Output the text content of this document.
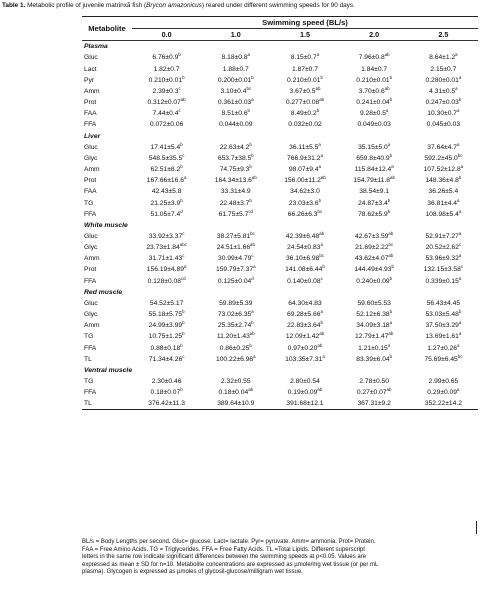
Table 1. Metabolic profile of juvenile matrinxã fish (Brycon amazonicus) reared under different swimming speeds for 90 days.
Metabolite	Swimming speed (BL/s)				
	0.0	1.0	1.5	2.0	2.5
Plasma					
Gluc	6.76±0.9$^b$	8.18±0.8$^a$	8.15±0.7$^a$	7.96±0.8$^{ab}$	8.64±1.2$^a$
Lact	1.82±0.7	1.88±0.7	1.87±0.7	1.84±0.7	2.15±0.7
Pyr	0.210±0.01$^b$	0.200±0.01$^b$	0.210±0.01$^b$	0.210±0.01$^b$	0.280±0.01$^a$
Amm	2.39±0.3$^c$	3.10±0.4$^{bc}$	3.67±0.5$^{ab}$	3.70±0.6$^{ab}$	4.31±0.5$^a$
Prot	0.312±0.07$^{ab}$	0.361±0.03$^a$	0.277±0.08$^{ab}$	0.241±0.04$^b$	0.247±0.03$^b$
FAA	7.44±0.4$^c$	8.51±0.6$^b$	8.49±0.2$^b$	9.28±0.5$^a$	10.30±0.7$^a$
FFA	0.072±0.06	0.044±0.09	0.032±0.02	0.049±0.03	0.045±0.03
Liver					
Gluc	17.41±5.4$^b$	22.63±4.2$^b$	36.11±5.5$^a$	35.15±5.0$^a$	37.64±4.7$^a$
Glyc	548.5±35.5$^c$	653.7±38.5$^b$	766.9±31.2$^a$	659.8±40.9$^b$	592.2±45.0$^{bc}$
Amm	62.51±8.2$^b$	74.75±9.3$^b$	98.07±9.4$^a$	115.84±12.4$^a$	107.52±12.8$^a$
Prot	167.66±16.6$^a$	164.34±13.6$^{ab}$	156.00±11.2$^{ab}$	154.79±11.8$^{ab}$	148.36±4.8$^b$
FAA	42.43±5.8	33.31±4.9	34.62±3.0	38.54±9.1	36.26±5.4
TG	21.25±3.9$^b$	22.48±3.7$^b$	23.03±3.6$^b$	24.87±3.4$^b$	36.81±4.4$^a$
FFA	51.05±7.4$^d$	61.75±5.7$^{cd}$	66.26±6.3$^{bc}$	78.62±5.9$^b$	108.98±5.4$^a$
White muscle					
Gluc	33.92±3.37$^c$	38.27±5.81$^{bc}$	42.39±6.48$^{ab}$	42.67±3.59$^{ab}$	52.91±7.27$^a$
Glyc	23.73±1.84$^{abc}$	24.51±1.66$^{ab}$	24.54±0.83$^a$	21.69±2.22$^{bc}$	20.52±2.62$^c$
Amm	31.71±1.43$^c$	30.99±4.79$^c$	36.10±6.98$^{bc}$	43.62±4.07$^{ab}$	53.96±9.32$^a$
Prot	156.19±4.89$^a$	159.79±7.37$^a$	141.08±6.44$^b$	144.49±4.93$^b$	132.15±3.58$^c$
FFA	0.128±0.08$^{cd}$	0.125±0.04$^d$	0.140±0.08$^c$	0.240±0.09$^b$	0.339±0.15$^a$
Red muscle					
Gluc	54.52±5.17	59.89±5.39	64.30±4.83	59.60±5.53	56.43±4.45
Glyc	55.18±5.75$^b$	73.02±6.35$^a$	69.28±5.66$^a$	52.12±6.38$^b$	53.03±5.48$^b$
Amm	24.99±3.99$^b$	25.35±2.74$^b$	22.83±3.64$^b$	34.09±3.18$^a$	37.50±3.29$^a$
TG	10.75±1.25$^b$	11.20±1.43$^{ab}$	12.09±1.42$^{ab}$	12.79±1.47$^{ab}$	13.69±1.61$^a$
FFA	0.88±0.18$^b$	0.86±0.25$^b$	0.97±0.20$^{ab}$	1.21±0.15$^a$	1.27±0.26$^a$
TL	71.34±4.26$^c$	100.22±6.96$^a$	103.35±7.31$^a$	83.39±6.04$^b$	75.69±6.45$^{bc}$
Ventral muscle					
TG	2.30±0.46	2.32±0.55	2.80±0.54	2.78±0.50	2.99±0.65
FFA	0.18±0.07$^b$	0.18±0.04$^{ab}$	0.19±0.09$^{ab}$	0.27±0.07$^{ab}$	0.29±0.09$^a$
TL	376.42±11.3	389.64±10.9	391.68±12.1	367.31±9.2	352.22±14.2
BL/s = Body Lengths per second. Gluc= glucose. Lact= lactate. Pyr= pyruvate. Amm= ammonia. Prot= Protein.
FAA = Free Amino Acids. TG = Triglycerides. FFA = Free Fatty Acids. TL =Total Lipids. Different superscript
letters in the same row indicate significant differences between the swimming speeds at p<0.05. Values are
expressed as mean ± SD for n=10. Metabolite concentrations are expressed as µmole/mg wet tissue (or per mL
plasma). Glycogen is expressed as µmoles of glycosil-glucose/milligram wet tissue.
